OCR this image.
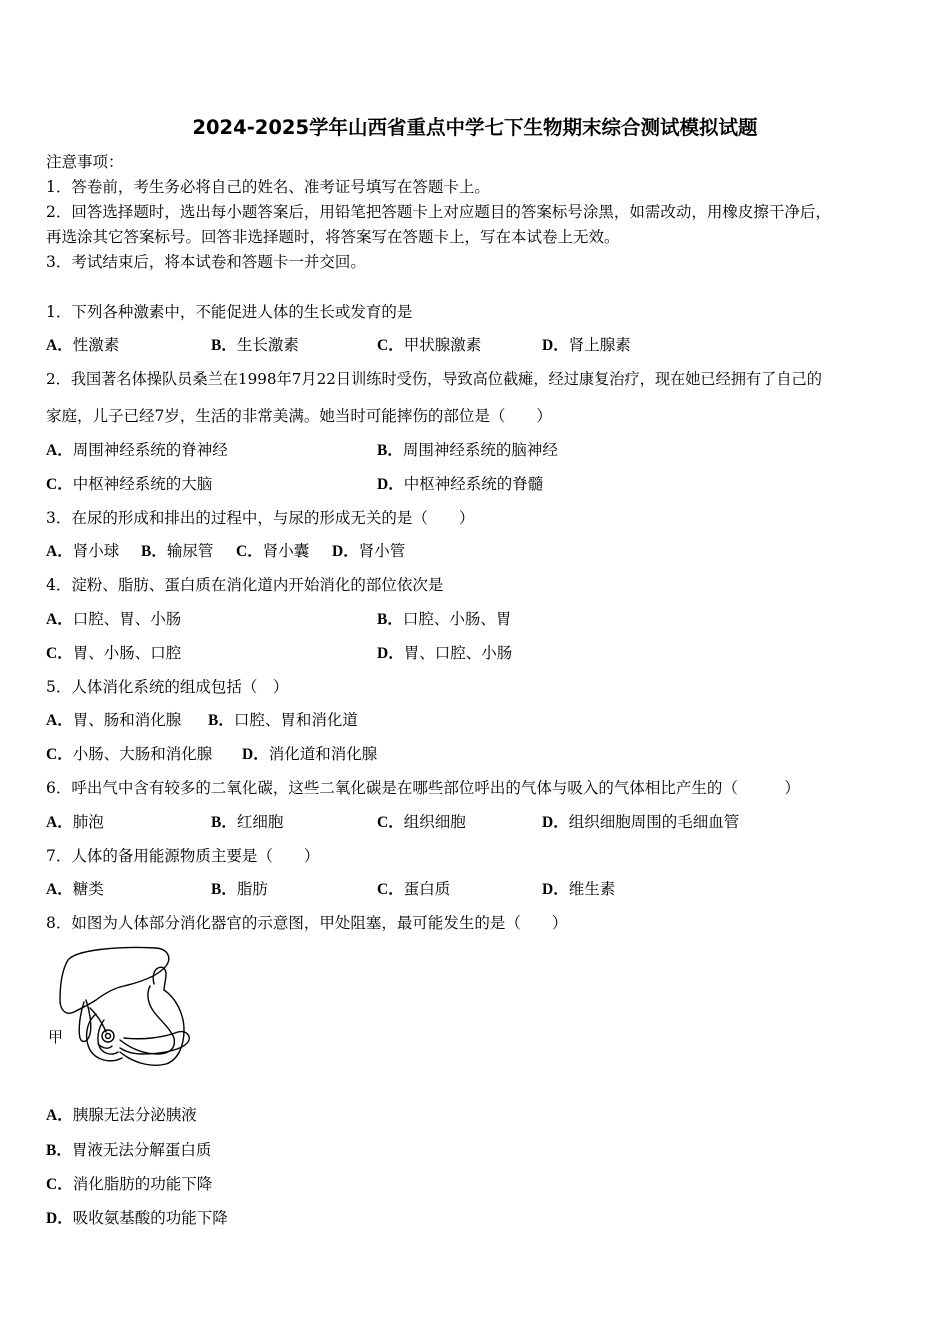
2024-2025学年山西省重点中学七下生物期末综合测试模拟试题
注意事项：
1．答卷前，考生务必将自己的姓名、准考证号填写在答题卡上。
2．回答选择题时，选出每小题答案后，用铅笔把答题卡上对应题目的答案标号涂黑，如需改动，用橡皮擦干净后，
再选涂其它答案标号。回答非选择题时，将答案写在答题卡上，写在本试卷上无效。
3．考试结束后，将本试卷和答题卡一并交回。
1．下列各种激素中，不能促进人体的生长或发育的是
A．性激素	B．生长激素	C．甲状腺激素	D．肾上腺素
2．我国著名体操队员桑兰在1998年7月22日训练时受伤，导致高位截瘫，经过康复治疗，现在她已经拥有了自己的
家庭，儿子已经7岁，生活的非常美满。她当时可能摔伤的部位是（　　）
A．周围神经系统的脊神经	B．周围神经系统的脑神经
C．中枢神经系统的大脑	D．中枢神经系统的脊髓
3．在尿的形成和排出的过程中，与尿的形成无关的是（　　）
A．肾小球 B．输尿管 C．肾小囊 D．肾小管
4．淀粉、脂肪、蛋白质在消化道内开始消化的部位依次是
A．口腔、胃、小肠	B．口腔、小肠、胃
C．胃、小肠、口腔	D．胃、口腔、小肠
5．人体消化系统的组成包括（　）
A．胃、肠和消化腺 B．口腔、胃和消化道
C．小肠、大肠和消化腺 D．消化道和消化腺
6．呼出气中含有较多的二氧化碳，这些二氧化碳是在哪些部位呼出的气体与吸入的气体相比产生的（　　　）
A．肺泡	B．红细胞	C．组织细胞	D．组织细胞周围的毛细血管
7．人体的备用能源物质主要是（　　）
A．糖类	B．脂肪	C．蛋白质	D．维生素
8．如图为人体部分消化器官的示意图，甲处阻塞，最可能发生的是（　　）
甲
A．胰腺无法分泌胰液
B．胃液无法分解蛋白质
C．消化脂肪的功能下降
D．吸收氨基酸的功能下降
